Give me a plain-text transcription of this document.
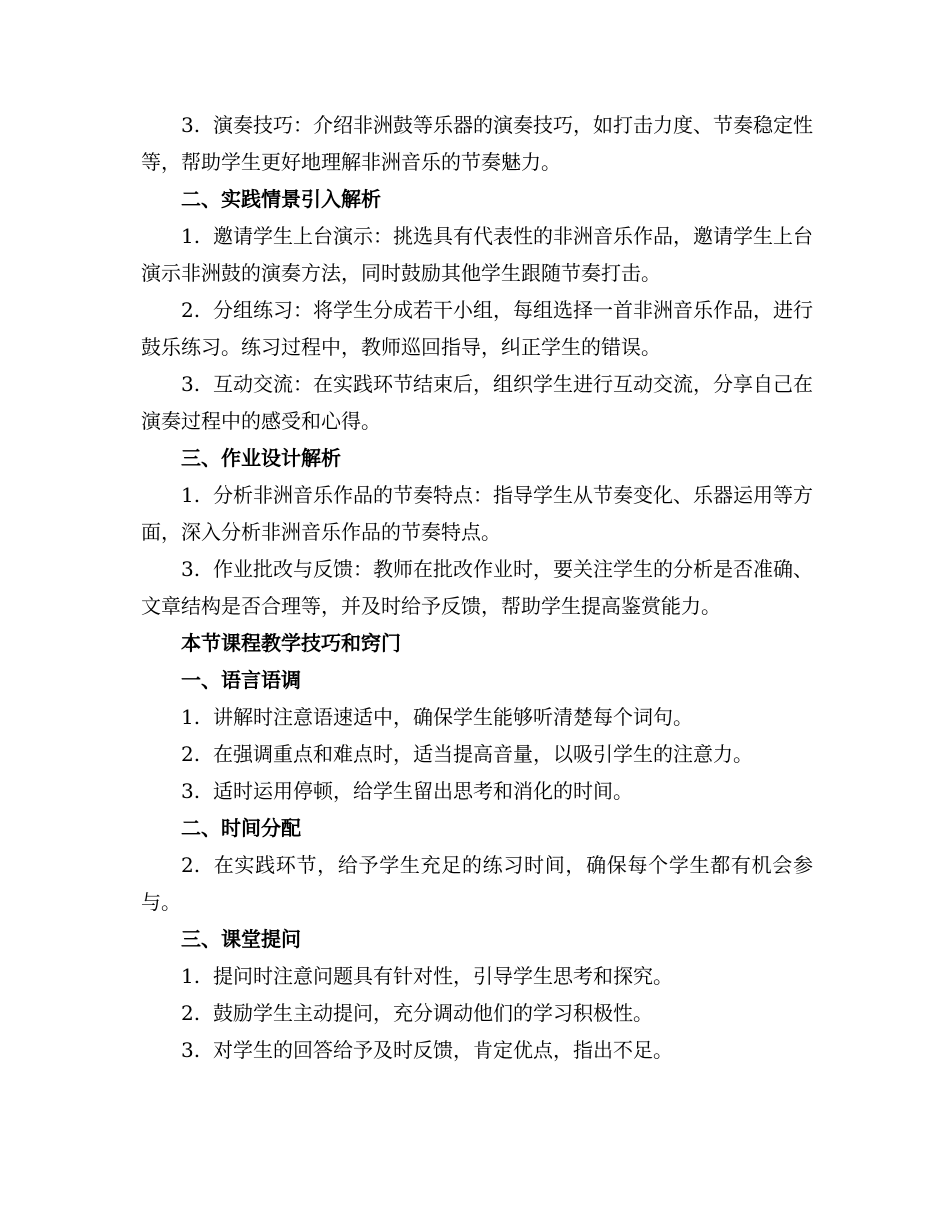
3. 演奏技巧：介绍非洲鼓等乐器的演奏技巧，如打击力度、节奏稳定性等，帮助学生更好地理解非洲音乐的节奏魅力。

二、实践情景引入解析

1. 邀请学生上台演示：挑选具有代表性的非洲音乐作品，邀请学生上台演示非洲鼓的演奏方法，同时鼓励其他学生跟随节奏打击。

2. 分组练习：将学生分成若干小组，每组选择一首非洲音乐作品，进行鼓乐练习。练习过程中，教师巡回指导，纠正学生的错误。

3. 互动交流：在实践环节结束后，组织学生进行互动交流，分享自己在演奏过程中的感受和心得。

三、作业设计解析

1. 分析非洲音乐作品的节奏特点：指导学生从节奏变化、乐器运用等方面，深入分析非洲音乐作品的节奏特点。

3. 作业批改与反馈：教师在批改作业时，要关注学生的分析是否准确、文章结构是否合理等，并及时给予反馈，帮助学生提高鉴赏能力。

本节课程教学技巧和窍门

一、语言语调

1. 讲解时注意语速适中，确保学生能够听清楚每个词句。

2. 在强调重点和难点时，适当提高音量，以吸引学生的注意力。

3. 适时运用停顿，给学生留出思考和消化的时间。

二、时间分配

2. 在实践环节，给予学生充足的练习时间，确保每个学生都有机会参与。

三、课堂提问

1. 提问时注意问题具有针对性，引导学生思考和探究。

2. 鼓励学生主动提问，充分调动他们的学习积极性。

3. 对学生的回答给予及时反馈，肯定优点，指出不足。
